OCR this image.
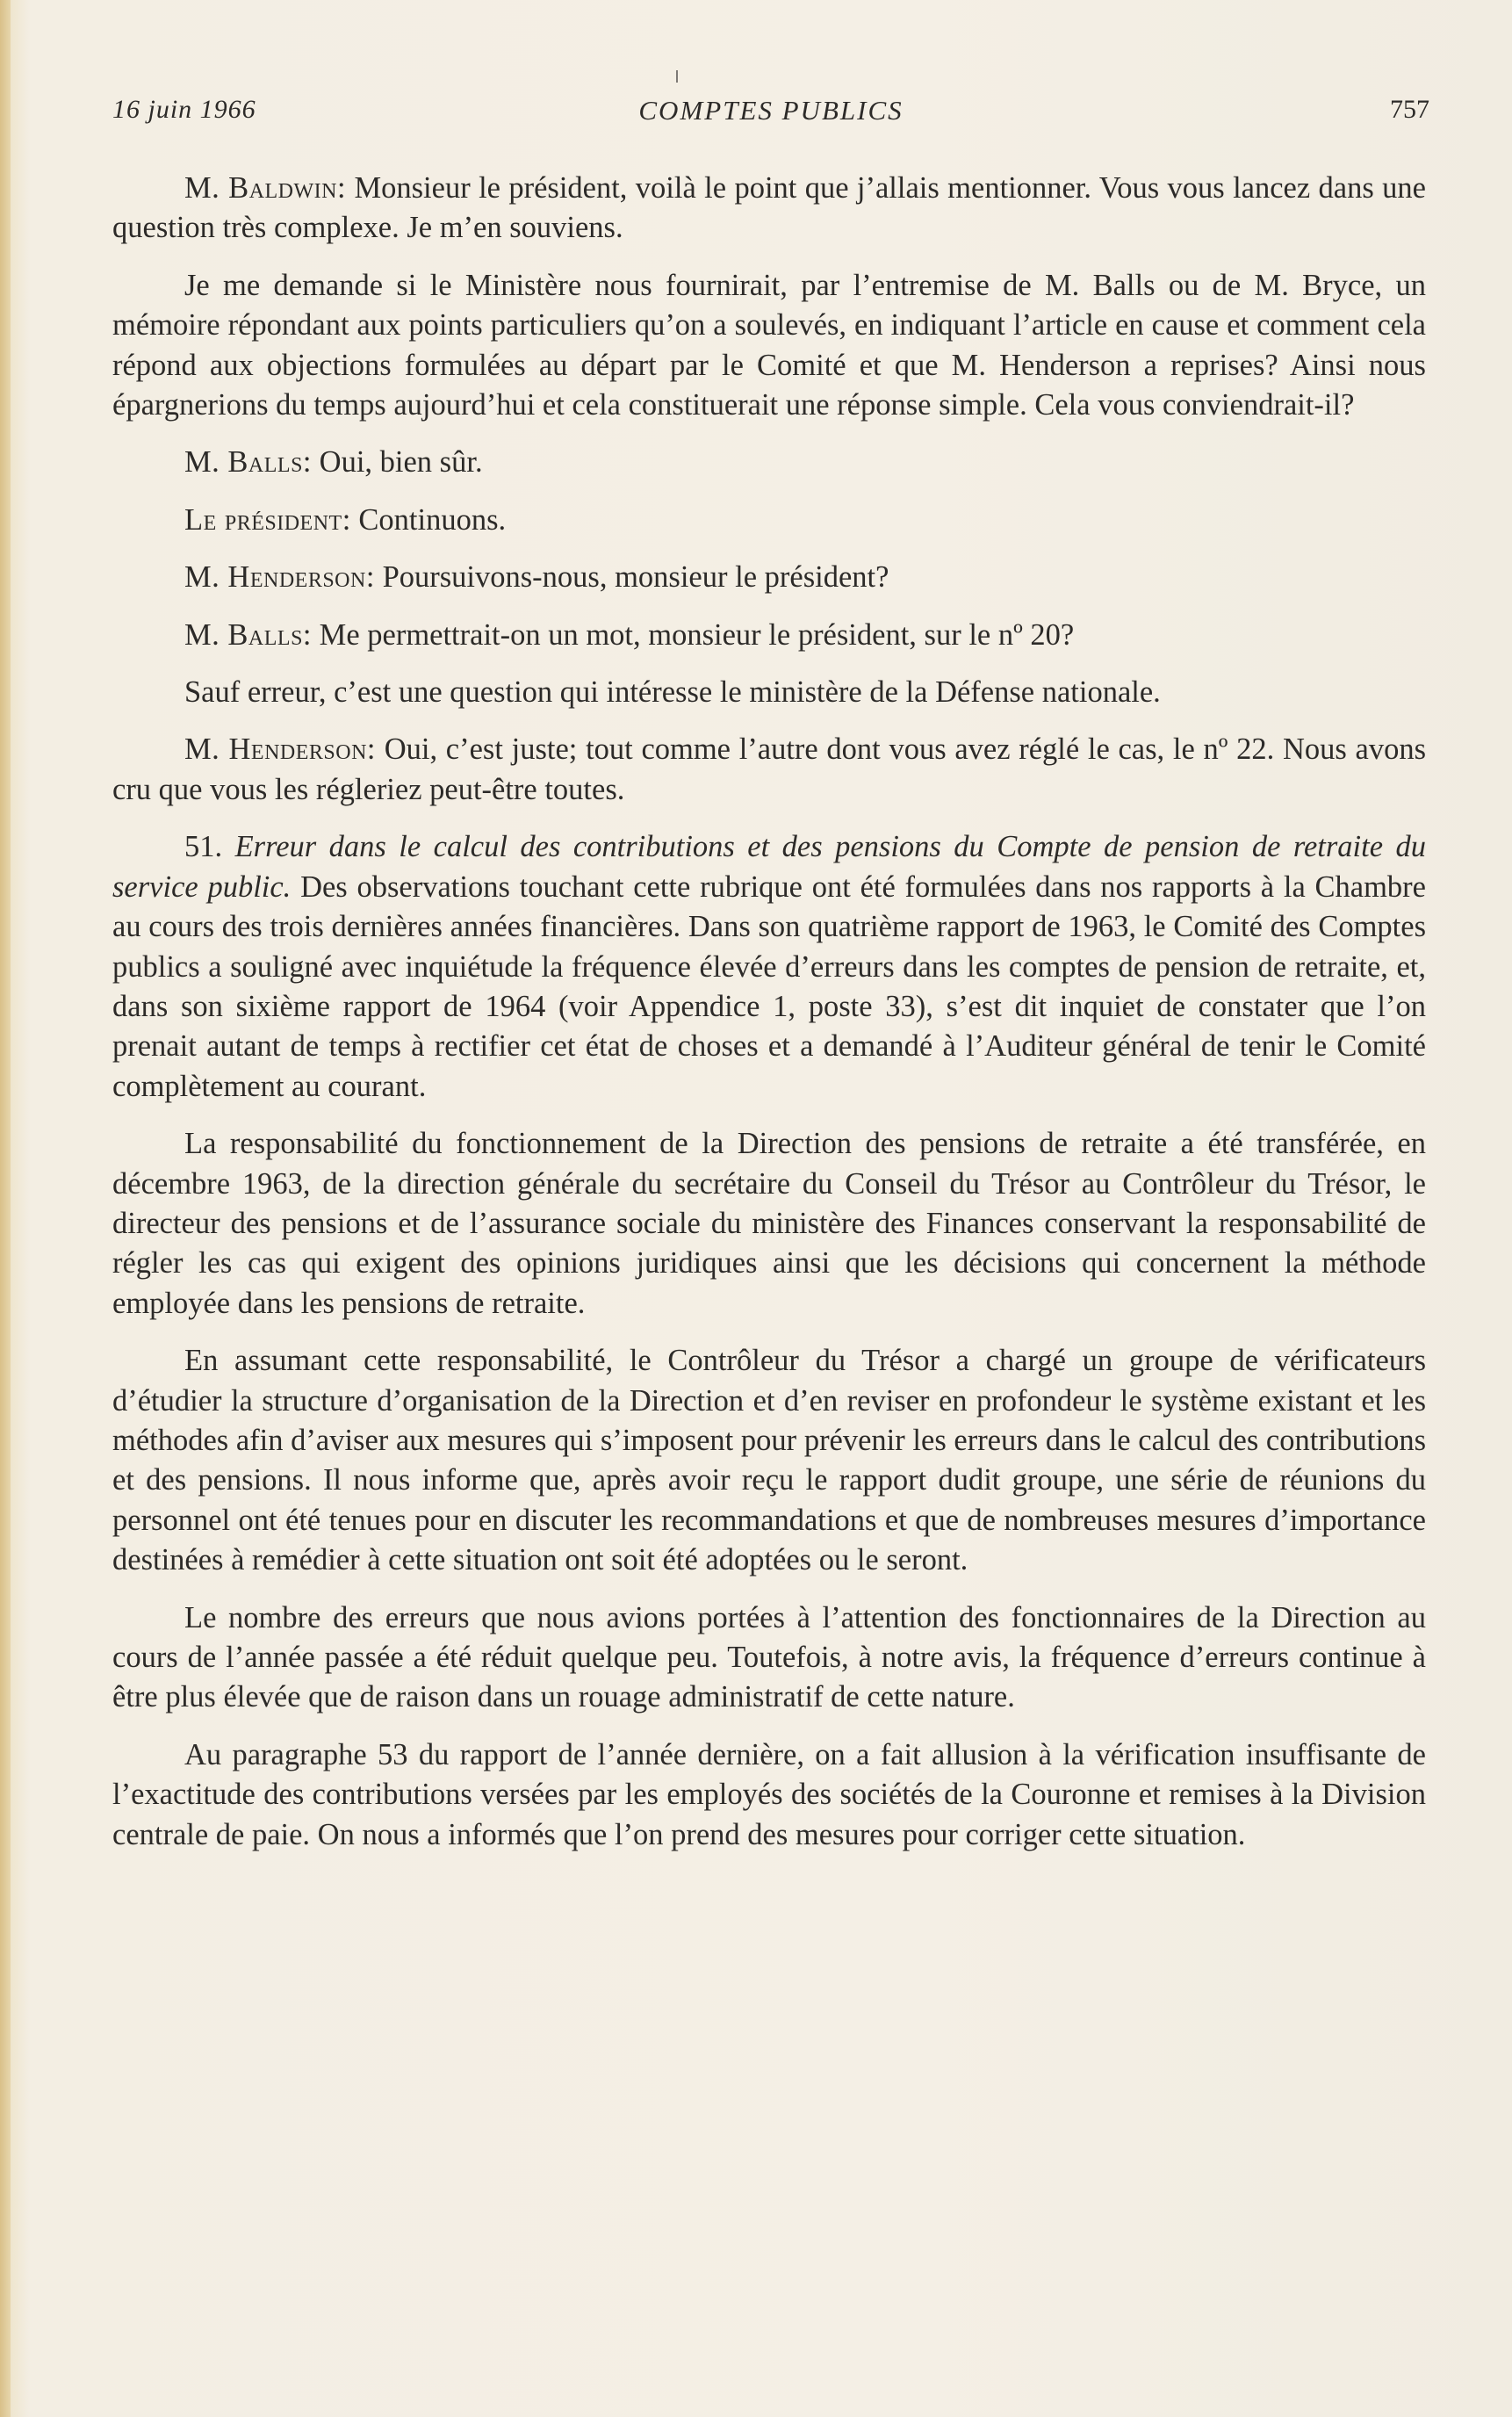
16 juin 1966	COMPTES PUBLICS	757

M. Baldwin: Monsieur le président, voilà le point que j’allais mentionner. Vous vous lancez dans une question très complexe. Je m’en souviens.

Je me demande si le Ministère nous fournirait, par l’entremise de M. Balls ou de M. Bryce, un mémoire répondant aux points particuliers qu’on a soulevés, en indiquant l’article en cause et comment cela répond aux objections formulées au départ par le Comité et que M. Henderson a reprises? Ainsi nous épargnerions du temps aujourd’hui et cela constituerait une réponse simple. Cela vous conviendrait-il?

M. Balls: Oui, bien sûr.

Le président: Continuons.

M. Henderson: Poursuivons-nous, monsieur le président?

M. Balls: Me permettrait-on un mot, monsieur le président, sur le nº 20?

Sauf erreur, c’est une question qui intéresse le ministère de la Défense nationale.

M. Henderson: Oui, c’est juste; tout comme l’autre dont vous avez réglé le cas, le nº 22. Nous avons cru que vous les régleriez peut-être toutes.

51. Erreur dans le calcul des contributions et des pensions du Compte de pension de retraite du service public. Des observations touchant cette rubrique ont été formulées dans nos rapports à la Chambre au cours des trois dernières années financières. Dans son quatrième rapport de 1963, le Comité des Comptes publics a souligné avec inquiétude la fréquence élevée d’erreurs dans les comptes de pension de retraite, et, dans son sixième rapport de 1964 (voir Appendice 1, poste 33), s’est dit inquiet de constater que l’on prenait autant de temps à rectifier cet état de choses et a demandé à l’Auditeur général de tenir le Comité complètement au courant.

La responsabilité du fonctionnement de la Direction des pensions de retraite a été transférée, en décembre 1963, de la direction générale du secrétaire du Conseil du Trésor au Contrôleur du Trésor, le directeur des pensions et de l’assurance sociale du ministère des Finances conservant la responsabilité de régler les cas qui exigent des opinions juridiques ainsi que les décisions qui concernent la méthode employée dans les pensions de retraite.

En assumant cette responsabilité, le Contrôleur du Trésor a chargé un groupe de vérificateurs d’étudier la structure d’organisation de la Direction et d’en reviser en profondeur le système existant et les méthodes afin d’aviser aux mesures qui s’imposent pour prévenir les erreurs dans le calcul des contributions et des pensions. Il nous informe que, après avoir reçu le rapport dudit groupe, une série de réunions du personnel ont été tenues pour en discuter les recommandations et que de nombreuses mesures d’importance destinées à remédier à cette situation ont soit été adoptées ou le seront.

Le nombre des erreurs que nous avions portées à l’attention des fonctionnaires de la Direction au cours de l’année passée a été réduit quelque peu. Toutefois, à notre avis, la fréquence d’erreurs continue à être plus élevée que de raison dans un rouage administratif de cette nature.

Au paragraphe 53 du rapport de l’année dernière, on a fait allusion à la vérification insuffisante de l’exactitude des contributions versées par les employés des sociétés de la Couronne et remises à la Division centrale de paie. On nous a informés que l’on prend des mesures pour corriger cette situation.
